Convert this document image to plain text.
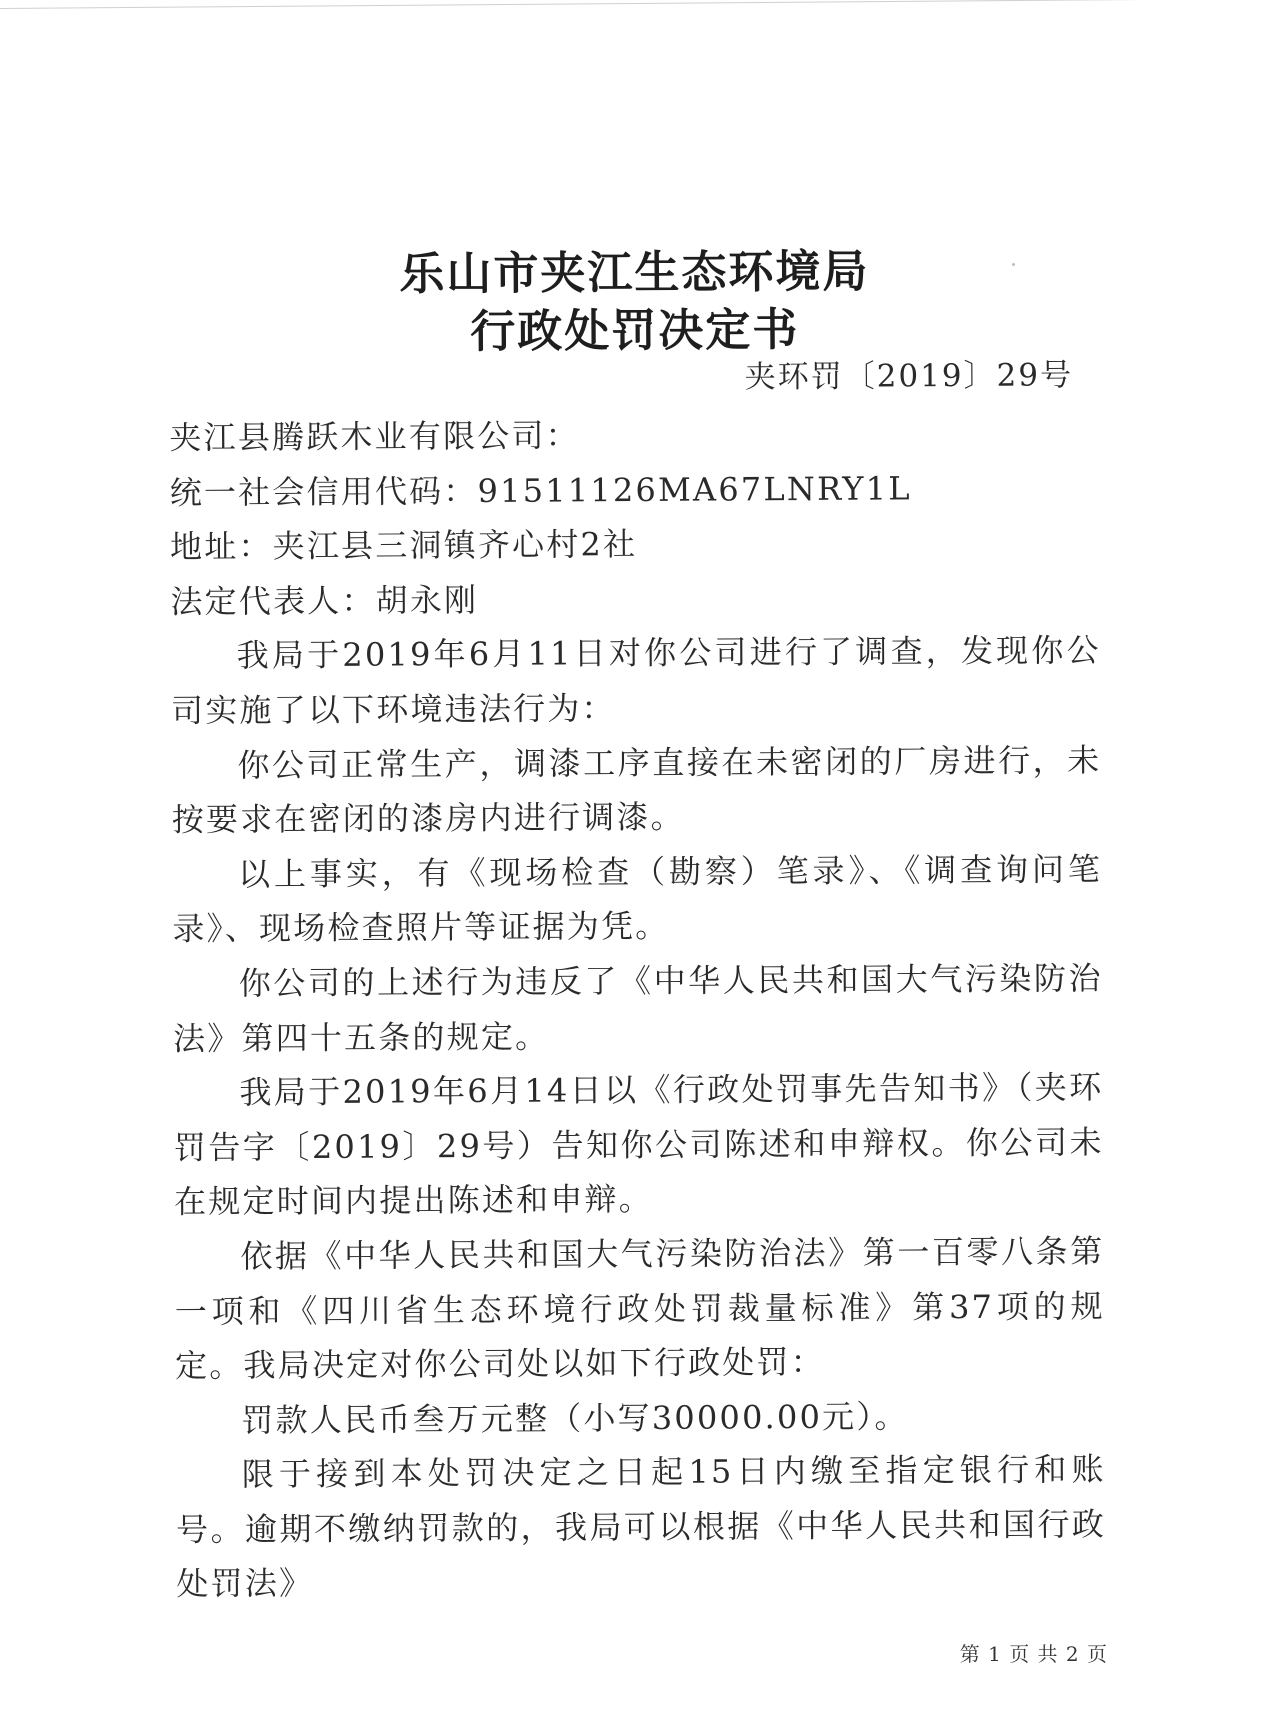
乐山市夹江生态环境局
行政处罚决定书

夹环罚〔2019〕29号

夹江县腾跃木业有限公司：

统一社会信用代码：91511126MA67LNRY1L

地址：夹江县三洞镇齐心村2社

法定代表人：胡永刚

我局于2019年6月11日对你公司进行了调查，发现你公司实施了以下环境违法行为：

你公司正常生产，调漆工序直接在未密闭的厂房进行，未按要求在密闭的漆房内进行调漆。

以上事实，有《现场检查（勘察）笔录》、《调查询问笔录》、现场检查照片等证据为凭。

你公司的上述行为违反了《中华人民共和国大气污染防治法》第四十五条的规定。

我局于2019年6月14日以《行政处罚事先告知书》（夹环罚告字〔2019〕29号）告知你公司陈述和申辩权。你公司未在规定时间内提出陈述和申辩。

依据《中华人民共和国大气污染防治法》第一百零八条第一项和《四川省生态环境行政处罚裁量标准》第37项的规定。我局决定对你公司处以如下行政处罚：

罚款人民币叁万元整（小写30000.00元）。

限于接到本处罚决定之日起15日内缴至指定银行和账号。逾期不缴纳罚款的，我局可以根据《中华人民共和国行政处罚法》

第 1 页 共 2 页
